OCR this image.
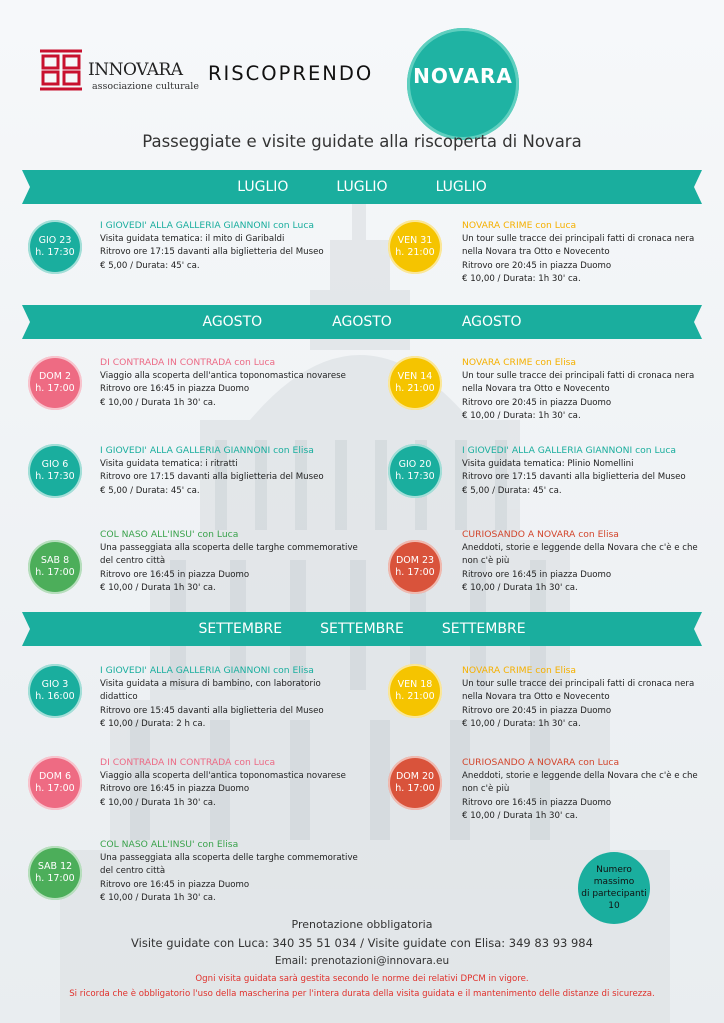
INNOVARA
associazione culturale
RISCOPRENDO	NOVARA
Passeggiate e visite guidate alla riscoperta di Novara
LUGLIO	LUGLIO	LUGLIO
AGOSTO	AGOSTO	AGOSTO
SETTEMBRE	SETTEMBRE	SETTEMBRE
GIO 23
h. 17:30
I GIOVEDI' ALLA GALLERIA GIANNONI con Luca
Visita guidata tematica: il mito di Garibaldi
Ritrovo ore 17:15 davanti alla biglietteria del Museo
€ 5,00 / Durata: 45' ca.
VEN 31
h. 21:00
NOVARA CRIME con Luca
Un tour sulle tracce dei principali fatti di cronaca nera
nella Novara tra Otto e Novecento
Ritrovo ore 20:45 in piazza Duomo
€ 10,00 / Durata: 1h 30' ca.
DOM 2
h. 17:00
DI CONTRADA IN CONTRADA con Luca
Viaggio alla scoperta dell'antica toponomastica novarese
Ritrovo ore 16:45 in piazza Duomo
€ 10,00 / Durata 1h 30' ca.
VEN 14
h. 21:00
NOVARA CRIME con Elisa
Un tour sulle tracce dei principali fatti di cronaca nera
nella Novara tra Otto e Novecento
Ritrovo ore 20:45 in piazza Duomo
€ 10,00 / Durata: 1h 30' ca.
GIO 6
h. 17:30
I GIOVEDI' ALLA GALLERIA GIANNONI con Elisa
Visita guidata tematica: i ritratti
Ritrovo ore 17:15 davanti alla biglietteria del Museo
€ 5,00 / Durata: 45' ca.
GIO 20
h. 17:30
I GIOVEDI' ALLA GALLERIA GIANNONI con Luca
Visita guidata tematica: Plinio Nomellini
Ritrovo ore 17:15 davanti alla biglietteria del Museo
€ 5,00 / Durata: 45' ca.
SAB 8
h. 17:00
COL NASO ALL'INSU' con Luca
Una passeggiata alla scoperta delle targhe commemorative
del centro città
Ritrovo ore 16:45 in piazza Duomo
€ 10,00 / Durata 1h 30' ca.
DOM 23
h. 17:00
CURIOSANDO A NOVARA con Elisa
Aneddoti, storie e leggende della Novara che c'è e che
non c'è più
Ritrovo ore 16:45 in piazza Duomo
€ 10,00 / Durata 1h 30' ca.
GIO 3
h. 16:00
I GIOVEDI' ALLA GALLERIA GIANNONI con Elisa
Visita guidata a misura di bambino, con laboratorio didattico
Ritrovo ore 15:45 davanti alla biglietteria del Museo
€ 10,00 / Durata: 2 h ca.
VEN 18
h. 21:00
NOVARA CRIME con Elisa
Un tour sulle tracce dei principali fatti di cronaca nera
nella Novara tra Otto e Novecento
Ritrovo ore 20:45 in piazza Duomo
€ 10,00 / Durata: 1h 30' ca.
DOM 6
h. 17:00
DI CONTRADA IN CONTRADA con Luca
Viaggio alla scoperta dell'antica toponomastica novarese
Ritrovo ore 16:45 in piazza Duomo
€ 10,00 / Durata 1h 30' ca.
DOM 20
h. 17:00
CURIOSANDO A NOVARA con Luca
Aneddoti, storie e leggende della Novara che c'è e che
non c'è più
Ritrovo ore 16:45 in piazza Duomo
€ 10,00 / Durata 1h 30' ca.
SAB 12
h. 17:00
COL NASO ALL'INSU' con Elisa
Una passeggiata alla scoperta delle targhe commemorative
del centro città
Ritrovo ore 16:45 in piazza Duomo
€ 10,00 / Durata 1h 30' ca.
Numero massimo
di partecipanti
10
Prenotazione obbligatoria
Visite guidate con Luca: 340 35 51 034 / Visite guidate con Elisa: 349 83 93 984
Email: prenotazioni@innovara.eu
Ogni visita guidata sarà gestita secondo le norme dei relativi DPCM in vigore.
Si ricorda che è obbligatorio l'uso della mascherina per l'intera durata della visita guidata e il mantenimento delle distanze di sicurezza.
